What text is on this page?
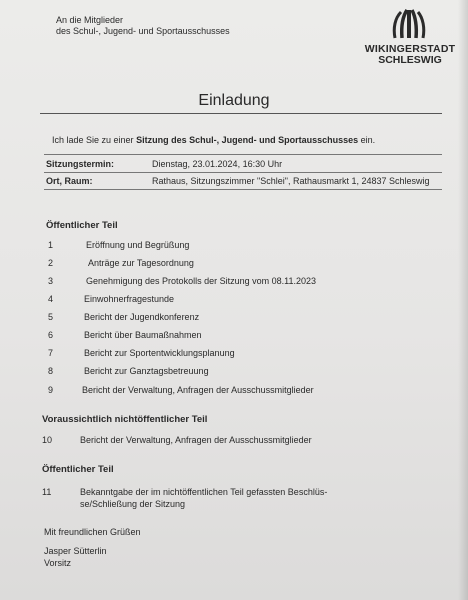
An die Mitglieder
des Schul-, Jugend- und Sportausschusses
WIKINGERSTADT
SCHLESWIG
Einladung
Ich lade Sie zu einer Sitzung des Schul-, Jugend- und Sportausschusses ein.
Sitzungstermin:	Dienstag, 23.01.2024, 16:30 Uhr
Ort, Raum:	Rathaus, Sitzungszimmer "Schlei", Rathausmarkt 1, 24837 Schleswig
Öffentlicher Teil
1	Eröffnung und Begrüßung
2	Anträge zur Tagesordnung
3	Genehmigung des Protokolls der Sitzung vom 08.11.2023
4	Einwohnerfragestunde
5	Bericht der Jugendkonferenz
6	Bericht über Baumaßnahmen
7	Bericht zur Sportentwicklungsplanung
8	Bericht zur Ganztagsbetreuung
9	Bericht der Verwaltung, Anfragen der Ausschussmitglieder
Voraussichtlich nichtöffentlicher Teil
10	Bericht der Verwaltung, Anfragen der Ausschussmitglieder
Öffentlicher Teil
11	Bekanntgabe der im nichtöffentlichen Teil gefassten Beschlüs-
se/Schließung der Sitzung
Mit freundlichen Grüßen
Jasper Sütterlin
Vorsitz
